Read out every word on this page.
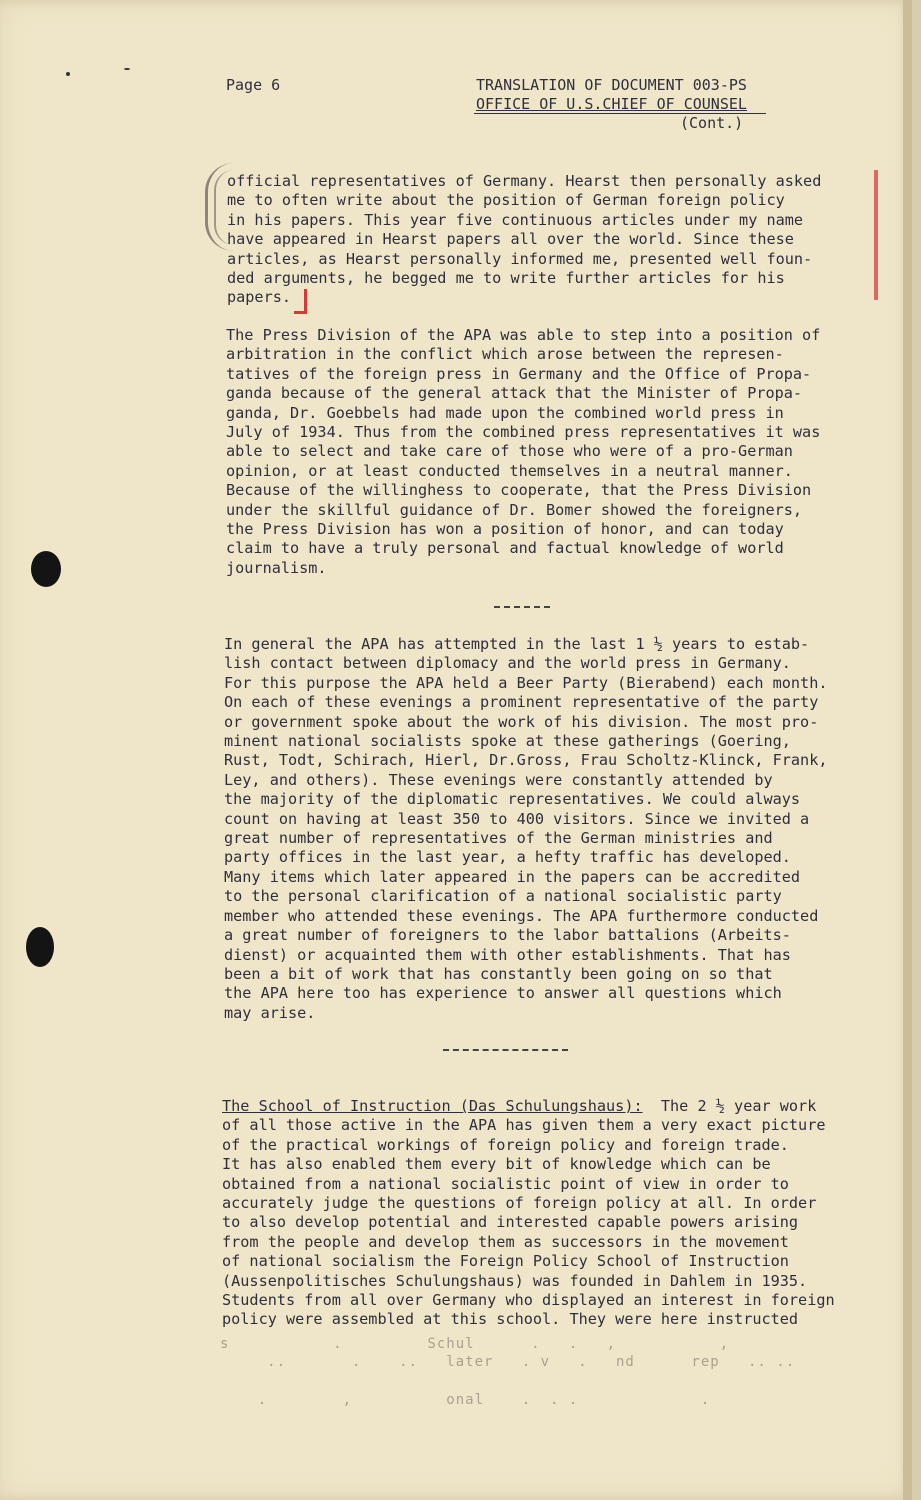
Page 6	TRANSLATION OF DOCUMENT 003-PS
OFFICE OF U.S.CHIEF OF COUNSEL

(Cont.)
official representatives of Germany. Hearst then personally asked
me to often write about the position of German foreign policy
in his papers. This year five continuous articles under my name
have appeared in Hearst papers all over the world. Since these
articles, as Hearst personally informed me, presented well foun-
ded arguments, he begged me to write further articles for his
papers.
The Press Division of the APA was able to step into a position of
arbitration in the conflict which arose between the represen-
tatives of the foreign press in Germany and the Office of Propa-
ganda because of the general attack that the Minister of Propa-
ganda, Dr. Goebbels had made upon the combined world press in
July of 1934. Thus from the combined press representatives it was
able to select and take care of those who were of a pro-German
opinion, or at least conducted themselves in a neutral manner.
Because of the willinghess to cooperate, that the Press Division
under the skillful guidance of Dr. Bomer showed the foreigners,
the Press Division has won a position of honor, and can today
claim to have a truly personal and factual knowledge of world
journalism.
In general the APA has attempted in the last 1 ½ years to estab-
lish contact between diplomacy and the world press in Germany.
For this purpose the APA held a Beer Party (Bierabend) each month.
On each of these evenings a prominent representative of the party
or government spoke about the work of his division. The most pro-
minent national socialists spoke at these gatherings (Goering,
Rust, Todt, Schirach, Hierl, Dr.Gross, Frau Scholtz-Klinck, Frank,
Ley, and others). These evenings were constantly attended by
the majority of the diplomatic representatives. We could always
count on having at least 350 to 400 visitors. Since we invited a
great number of representatives of the German ministries and
party offices in the last year, a hefty traffic has developed.
Many items which later appeared in the papers can be accredited
to the personal clarification of a national socialistic party
member who attended these evenings. The APA furthermore conducted
a great number of foreigners to the labor battalions (Arbeits-
dienst) or acquainted them with other establishments. That has
been a bit of work that has constantly been going on so that
the APA here too has experience to answer all questions which
may arise.
The School of Instruction (Das Schulungshaus):  The 2 ½ year work
of all those active in the APA has given them a very exact picture
of the practical workings of foreign policy and foreign trade.
It has also enabled them every bit of knowledge which can be
obtained from a national socialistic point of view in order to
accurately judge the questions of foreign policy at all. In order
to also develop potential and interested capable powers arising
from the people and develop them as successors in the movement
of national socialism the Foreign Policy School of Instruction
(Aussenpolitisches Schulungshaus) was founded in Dahlem in 1935.
Students from all over Germany who displayed an interest in foreign
policy were assembled at this school. They were here instructed
s           .         Schul      .   .   ,           ,
..       .    ..   later   . v   .   nd      rep   .. ..
.        ,          onal    .  . .             .
